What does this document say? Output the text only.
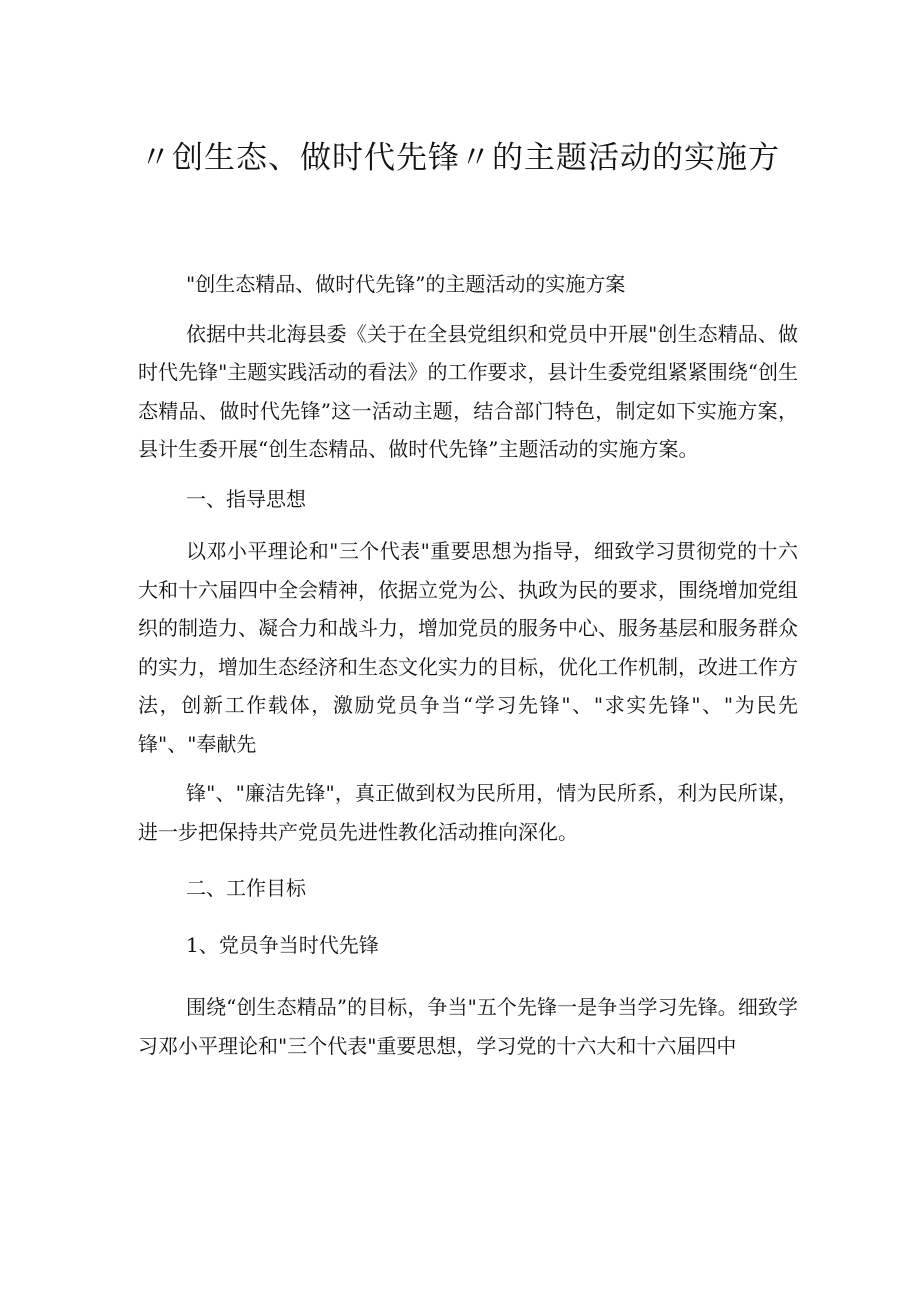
〃创生态、做时代先锋〃的主题活动的实施方

"创生态精品、做时代先锋”的主题活动的实施方案

依据中共北海县委《关于在全县党组织和党员中开展"创生态精品、做时代先锋"主题实践活动的看法》的工作要求，县计生委党组紧紧围绕“创生态精品、做时代先锋”这一活动主题，结合部门特色，制定如下实施方案，县计生委开展“创生态精品、做时代先锋”主题活动的实施方案。

一、指导思想

以邓小平理论和"三个代表"重要思想为指导，细致学习贯彻党的十六大和十六届四中全会精神，依据立党为公、执政为民的要求，围绕增加党组织的制造力、凝合力和战斗力，增加党员的服务中心、服务基层和服务群众的实力，增加生态经济和生态文化实力的目标，优化工作机制，改进工作方法，创新工作载体，激励党员争当“学习先锋"、"求实先锋"、"为民先锋"、"奉献先

锋"、"廉洁先锋"，真正做到权为民所用，情为民所系，利为民所谋，进一步把保持共产党员先进性教化活动推向深化。

二、工作目标

1、党员争当时代先锋

围绕“创生态精品”的目标，争当"五个先锋一是争当学习先锋。细致学习邓小平理论和"三个代表"重要思想，学习党的十六大和十六届四中
